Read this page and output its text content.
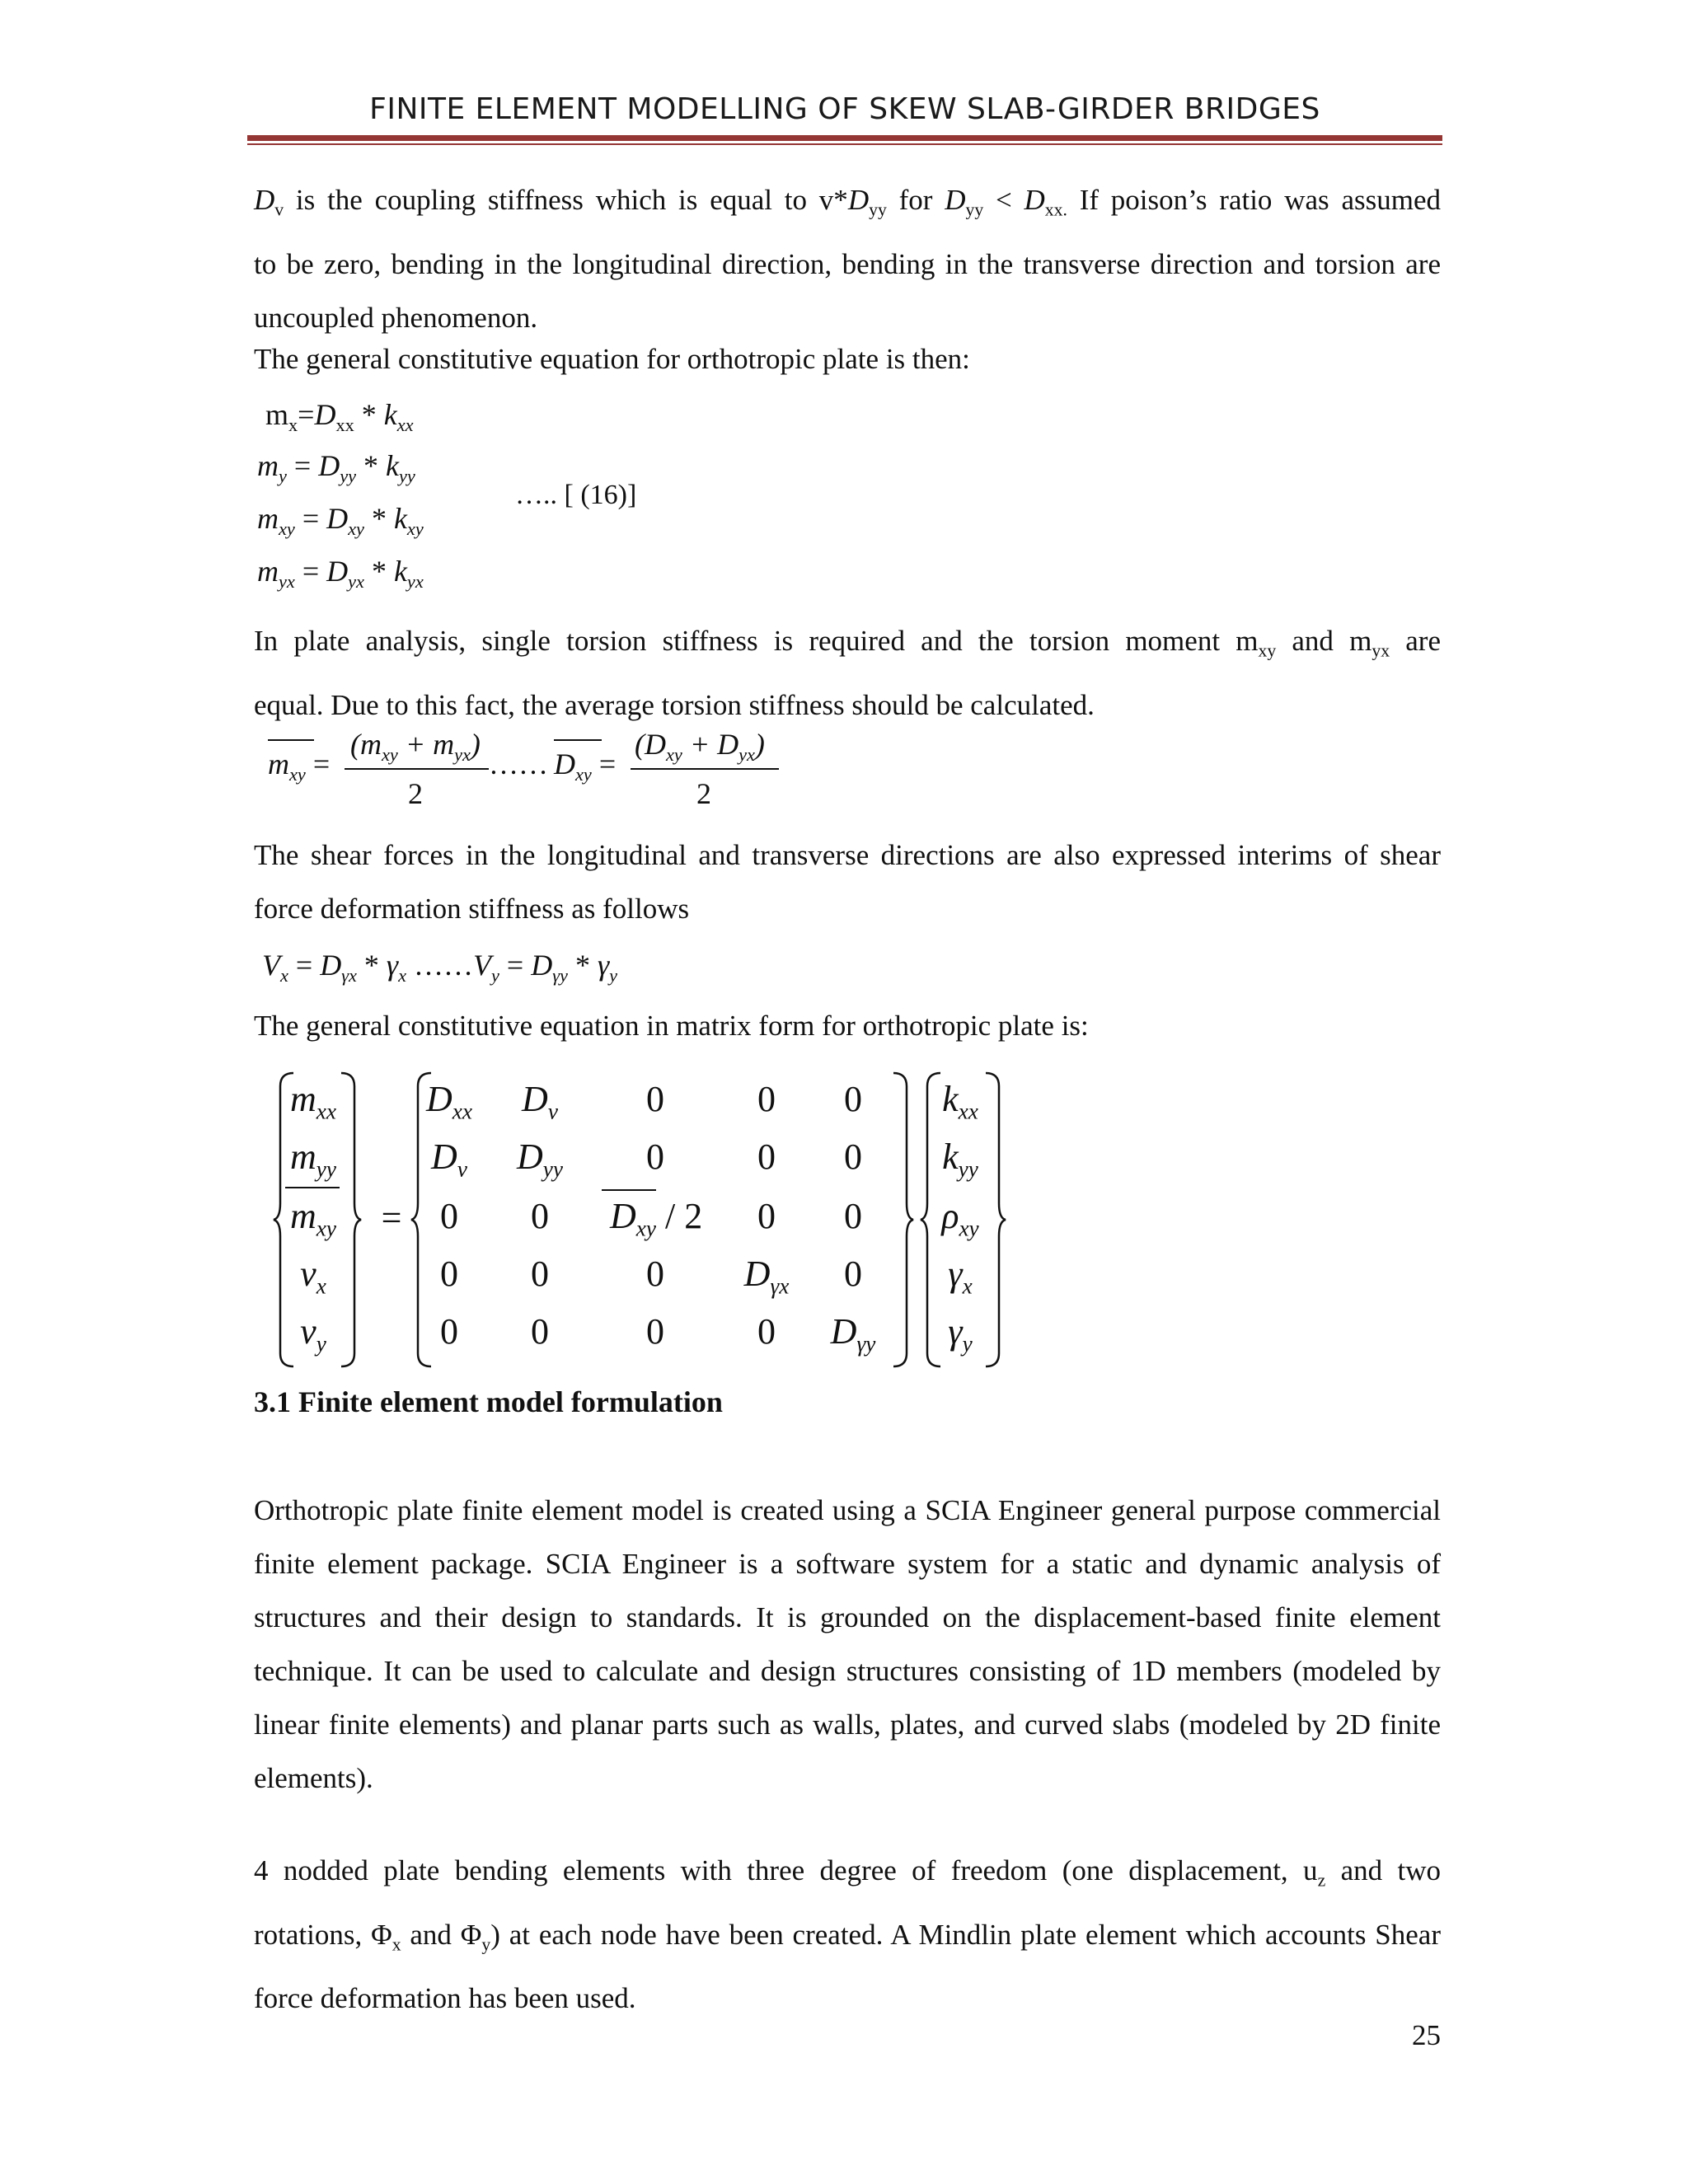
FINITE ELEMENT MODELLING OF SKEW SLAB-GIRDER BRIDGES
$D_v$ is the coupling stiffness which is equal to $v*D_{yy}$ for $D_{yy} < D_{xx.}$ If poison’s ratio was assumed
to be zero, bending in the longitudinal direction, bending in the transverse direction and torsion are uncoupled phenomenon.
The general constitutive equation for orthotropic plate is then:
$m_x=D_{xx} * k_{xx}$
$m_y = D_{yy} * k_{yy}$
$m_{xy} = D_{xy} * k_{xy}$
$m_{yx} = D_{yx} * k_{yx}$
….. [ (16)]
In plate analysis, single torsion stiffness is required and the torsion moment $m_{xy}$ and $m_{yx}$ are
equal. Due to this fact, the average torsion stiffness should be calculated.
$m_{xy}$ =
$(m_{xy} + m_{yx})$
2
…… $D_{xy}$ =
$(D_{xy} + D_{yx})$
2
The shear forces in the longitudinal and transverse directions are also expressed interims of shear force deformation stiffness as follows
$V_x = D_{\gamma x} * \gamma_x$ $\dots\dots V_y = D_{\gamma y} * \gamma_y$
The general constitutive equation in matrix form for orthotropic plate is:
=
$m_{xx}$
$m_{yy}$
$m_{xy}$
$v_x$
$v_y$
$D_{xx}$	$D_v$	0	0	0
$D_v$	$D_{yy}$	0	0	0
0	0	$D_{xy} / 2$	0	0
0	0	0	$D_{\gamma x}$	0
0	0	0	0	$D_{\gamma y}$
$k_{xx}$
$k_{yy}$
$\rho_{xy}$
$\gamma_x$
$\gamma_y$
3.1 Finite element model formulation
Orthotropic plate finite element model is created using a SCIA Engineer general purpose commercial finite element package. SCIA Engineer is a software system for a static and dynamic analysis of structures and their design to standards. It is grounded on the displacement-based finite element technique. It can be used to calculate and design structures consisting of 1D members (modeled by linear finite elements) and planar parts such as walls, plates, and curved slabs (modeled by 2D finite elements).
4 nodded plate bending elements with three degree of freedom (one displacement, $u_z$ and two rotations, $\Phi_x$ and $\Phi_y$) at each node have been created. A Mindlin plate element which accounts Shear force deformation has been used.
25
